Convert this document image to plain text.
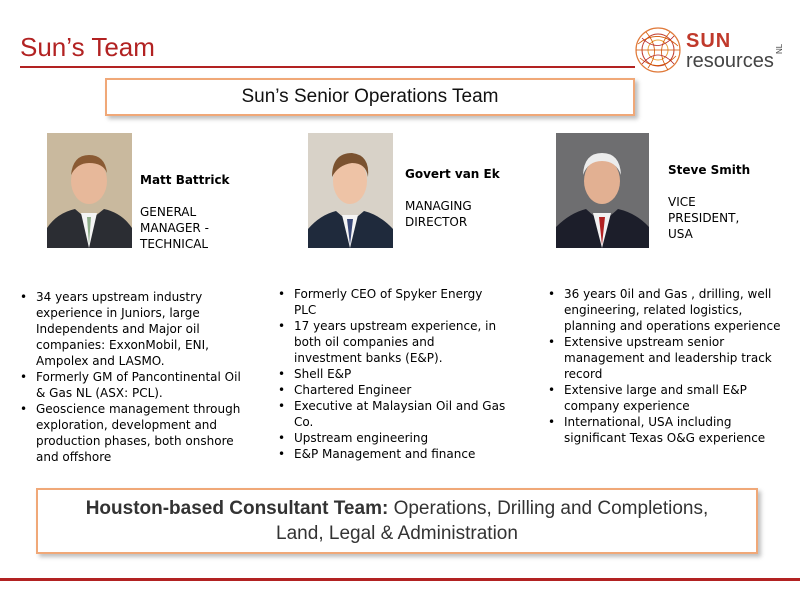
Sun’s Team	SUN
resources
NL
Sun’s Senior Operations Team
Matt Battrick
GENERAL
MANAGER -
TECHNICAL
• 34 years upstream industry experience in Juniors, large Independents and Major oil companies: ExxonMobil, ENI, Ampolex and LASMO.
• Formerly GM of Pancontinental Oil & Gas NL (ASX: PCL).
• Geoscience management through exploration, development and production phases, both onshore and offshore
Govert van Ek
MANAGING
DIRECTOR
• Formerly CEO of Spyker Energy PLC
• 17 years upstream experience, in both oil companies and investment banks (E&P).
• Shell E&P
• Chartered Engineer
• Executive at Malaysian Oil and Gas Co.
• Upstream engineering
• E&P Management and finance
Steve Smith
VICE
PRESIDENT,
USA
• 36 years 0il and Gas , drilling, well engineering, related logistics, planning and operations experience
• Extensive upstream senior management and leadership track record
• Extensive large and small E&P company experience
• International, USA including significant Texas O&G experience
Houston-based Consultant Team: Operations, Drilling and Completions,
Land, Legal & Administration
